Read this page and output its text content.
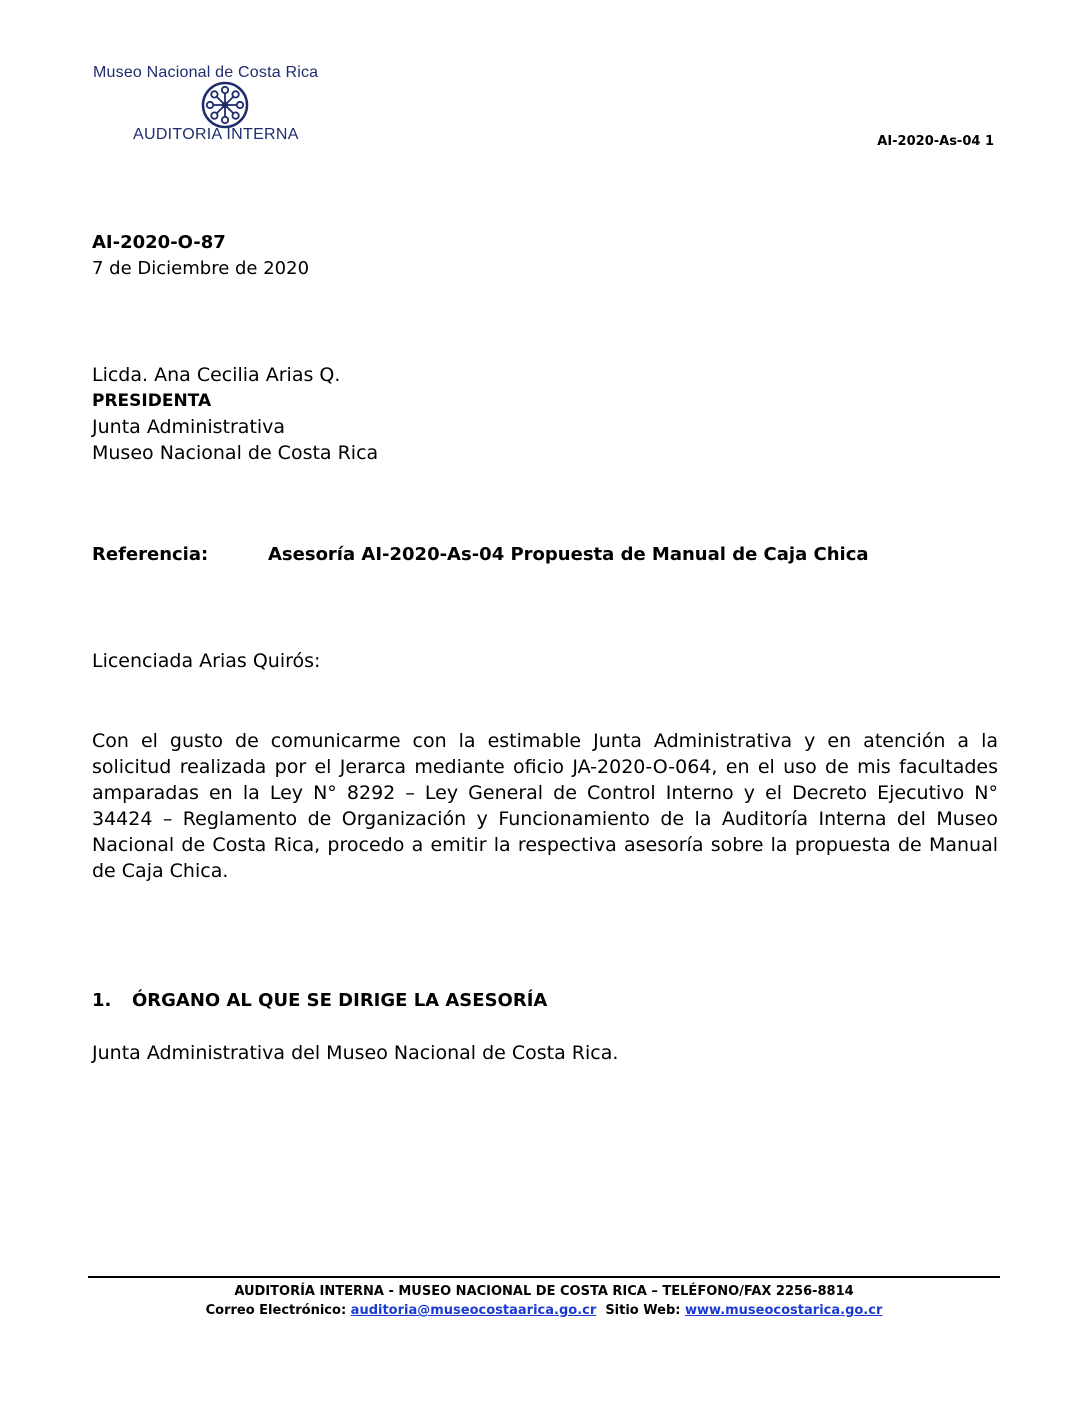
Museo Nacional de Costa Rica
AUDITORIA INTERNA	AI-2020-As-04 1
AI-2020-O-87
7 de Diciembre de 2020
Licda. Ana Cecilia Arias Q.
PRESIDENTA
Junta Administrativa
Museo Nacional de Costa Rica
Referencia:	Asesoría AI-2020-As-04 Propuesta de Manual de Caja Chica
Licenciada Arias Quirós:
Con el gusto de comunicarme con la estimable Junta Administrativa y en atención a la solicitud realizada por el Jerarca mediante oficio JA-2020-O-064, en el uso de mis facultades amparadas en la Ley N° 8292 – Ley General de Control Interno y el Decreto Ejecutivo N° 34424 – Reglamento de Organización y Funcionamiento de la Auditoría Interna del Museo Nacional de Costa Rica, procedo a emitir la respectiva asesoría sobre la propuesta de Manual de Caja Chica.
1. ÓRGANO AL QUE SE DIRIGE LA ASESORÍA
Junta Administrativa del Museo Nacional de Costa Rica.
AUDITORÍA INTERNA - MUSEO NACIONAL DE COSTA RICA – TELÉFONO/FAX 2256-8814
Correo Electrónico: auditoria@museocostaarica.go.cr Sitio Web: www.museocostarica.go.cr
